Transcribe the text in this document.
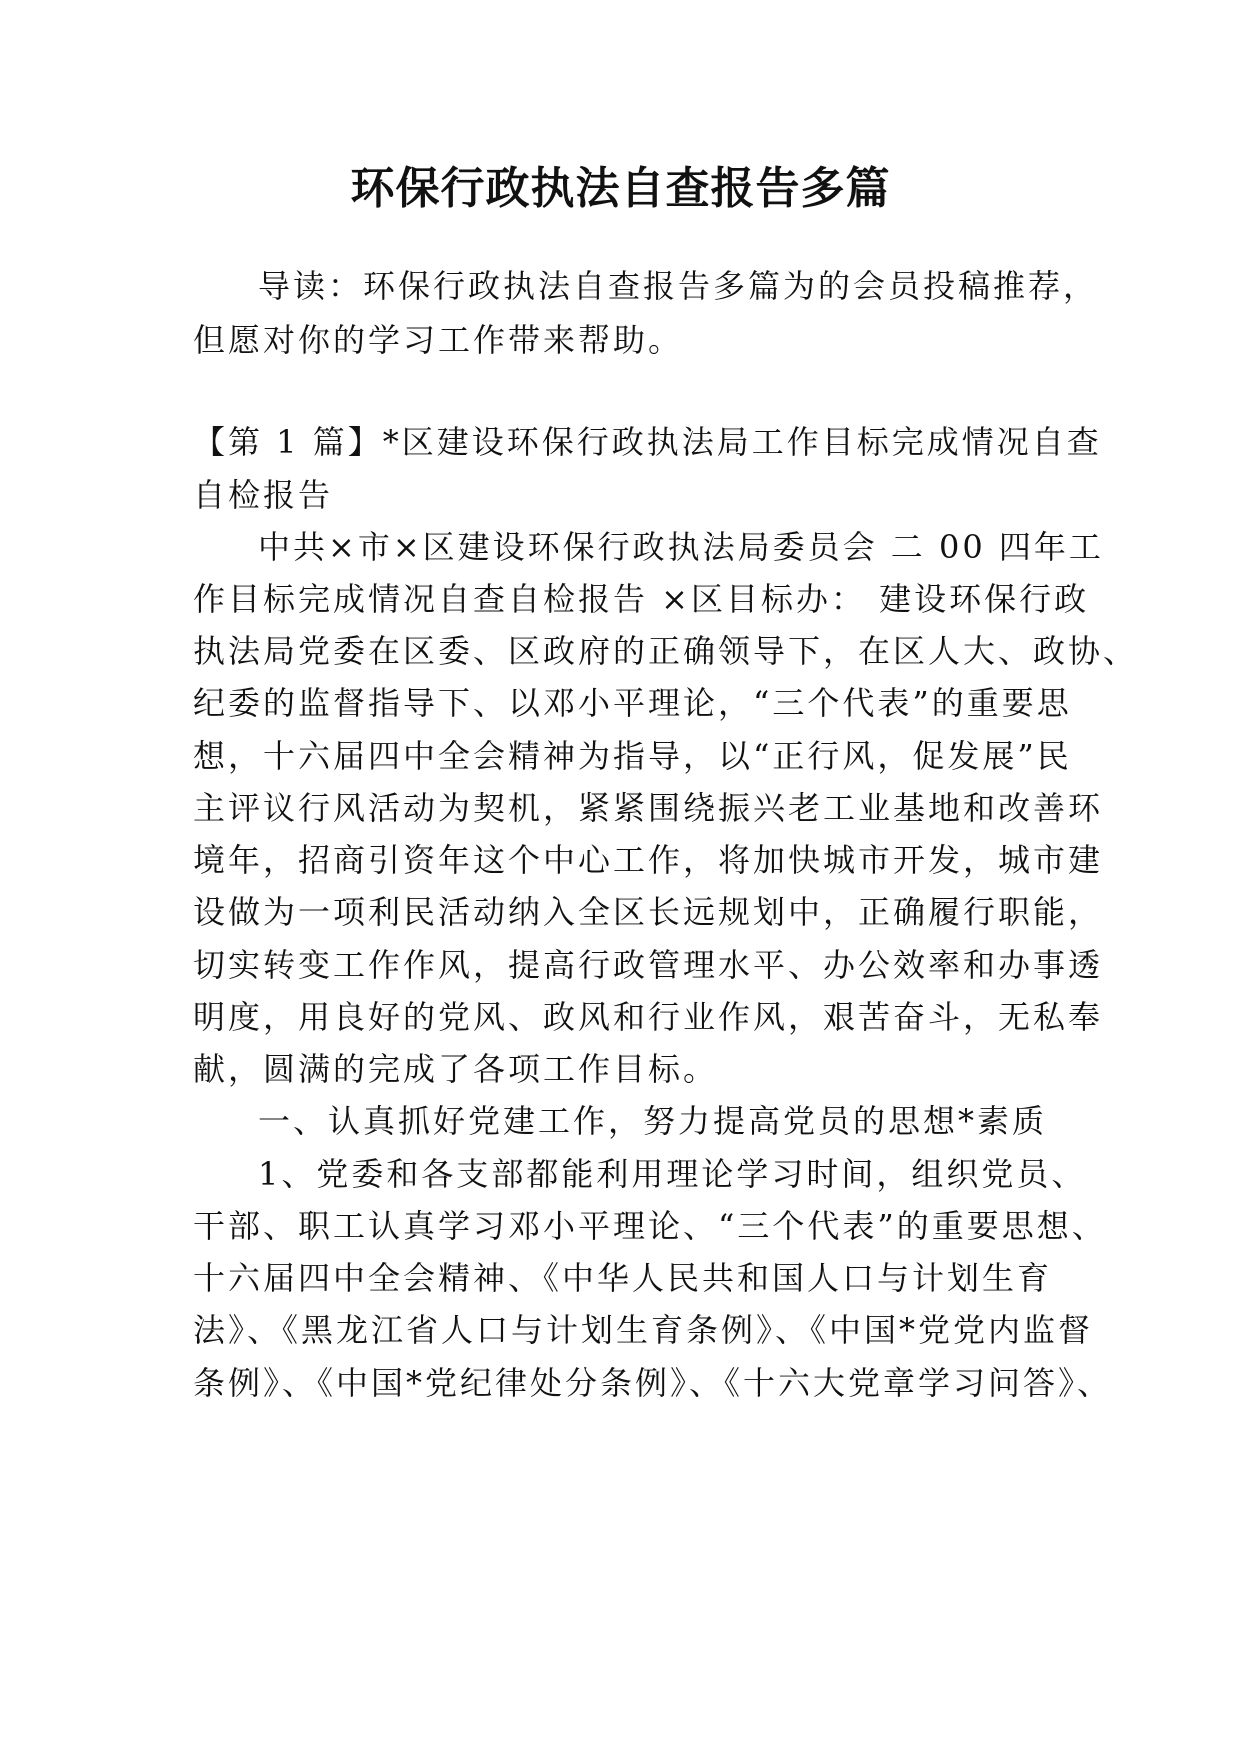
环保行政执法自查报告多篇
导读：环保行政执法自查报告多篇为的会员投稿推荐，
但愿对你的学习工作带来帮助。
【第 1 篇】*区建设环保行政执法局工作目标完成情况自查
自检报告
中共×市×区建设环保行政执法局委员会 二 00 四年工
作目标完成情况自查自检报告 ×区目标办： 建设环保行政
执法局党委在区委、区政府的正确领导下，在区人大、政协、
纪委的监督指导下、以邓小平理论，“三个代表”的重要思
想，十六届四中全会精神为指导，以“正行风，促发展”民
主评议行风活动为契机，紧紧围绕振兴老工业基地和改善环
境年，招商引资年这个中心工作，将加快城市开发，城市建
设做为一项利民活动纳入全区长远规划中，正确履行职能，
切实转变工作作风，提高行政管理水平、办公效率和办事透
明度，用良好的党风、政风和行业作风，艰苦奋斗，无私奉
献，圆满的完成了各项工作目标。
一、认真抓好党建工作，努力提高党员的思想*素质
1、党委和各支部都能利用理论学习时间，组织党员、
干部、职工认真学习邓小平理论、“三个代表”的重要思想、
十六届四中全会精神、《中华人民共和国人口与计划生育
法》、《黑龙江省人口与计划生育条例》、《中国*党党内监督
条例》、《中国*党纪律处分条例》、《十六大党章学习问答》、
